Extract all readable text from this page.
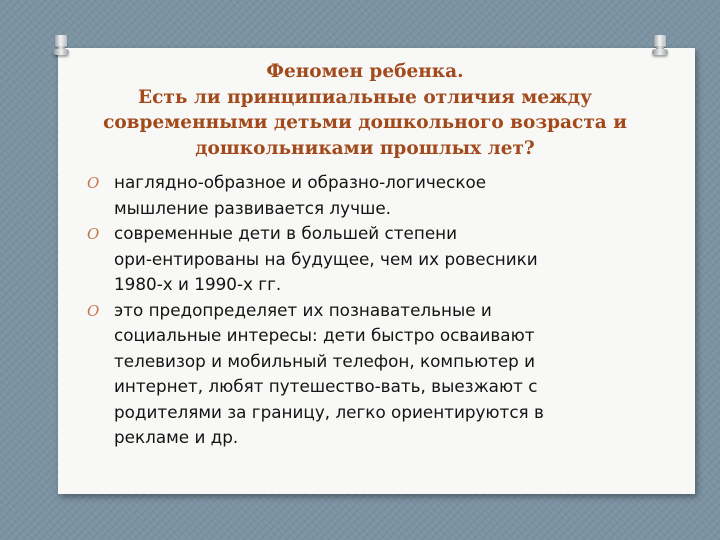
Феномен ребенка.
Есть ли принципиальные отличия между
современными детьми дошкольного возраста и
дошкольниками прошлых лет?
O наглядно-образное и образно-логическое
мышление развивается лучше.
O современные дети в большей степени
ори-ентированы на будущее, чем их ровесники
1980-х и 1990-х гг.
O это предопределяет их познавательные и
социальные интересы: дети быстро осваивают
телевизор и мобильный телефон, компьютер и
интернет, любят путешество-вать, выезжают с
родителями за границу, легко ориентируются в
рекламе и др.
